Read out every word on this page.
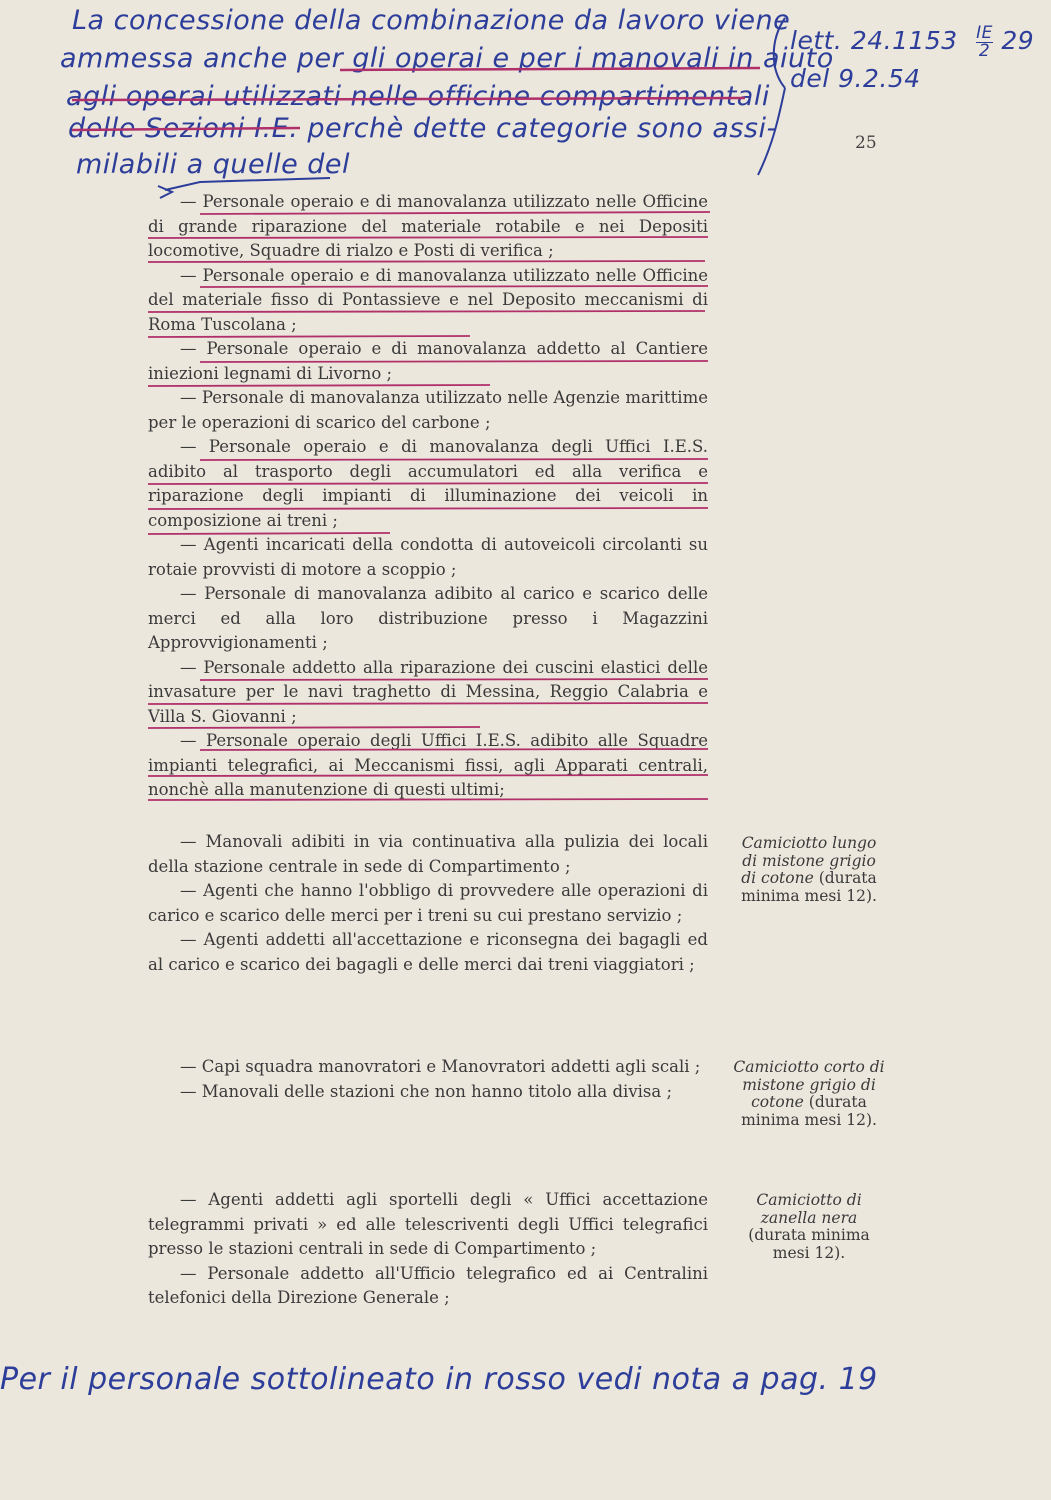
La concessione della combinazione da lavoro viene
ammessa anche per gli operai e per i manovali in aiuto
agli operai utilizzati nelle officine compartimentali
delle Sezioni I.E. perchè dette categorie sono assi-
milabili a quelle del
lett. $24.1153 \frac{IE}{2} 29$
del 9.2.54
25

— Personale operaio e di manovalanza utilizzato nelle Officine di grande riparazione del materiale rotabile e nei Depositi locomotive, Squadre di rialzo e Posti di verifica ;

— Personale operaio e di manovalanza utilizzato nelle Officine del materiale fisso di Pontassieve e nel Deposito meccanismi di Roma Tuscolana ;

— Personale operaio e di manovalanza addetto al Cantiere iniezioni legnami di Livorno ;

— Personale di manovalanza utilizzato nelle Agenzie marittime per le operazioni di scarico del carbone ;

— Personale operaio e di manovalanza degli Uffici I.E.S. adibito al trasporto degli accumulatori ed alla verifica e riparazione degli impianti di illuminazione dei veicoli in composizione ai treni ;

— Agenti incaricati della condotta di autoveicoli circolanti su rotaie provvisti di motore a scoppio ;

— Personale di manovalanza adibito al carico e scarico delle merci ed alla loro distribuzione presso i Magazzini Approvvigionamenti ;

— Personale addetto alla riparazione dei cuscini elastici delle invasature per le navi traghetto di Messina, Reggio Calabria e Villa S. Giovanni ;

— Personale operaio degli Uffici I.E.S. adibito alle Squadre impianti telegrafici, ai Meccanismi fissi, agli Apparati centrali, nonchè alla manutenzione di questi ultimi;

— Manovali adibiti in via continuativa alla pulizia dei locali della stazione centrale in sede di Compartimento ;

— Agenti che hanno l'obbligo di provvedere alle operazioni di carico e scarico delle merci per i treni su cui prestano servizio ;

— Agenti addetti all'accettazione e riconsegna dei bagagli ed al carico e scarico dei bagagli e delle merci dai treni viaggiatori ;

Camiciotto lungo di mistone grigio di cotone (durata minima mesi 12).

— Capi squadra manovratori e Manovratori addetti agli scali ;

— Manovali delle stazioni che non hanno titolo alla divisa ;

Camiciotto corto di mistone grigio di cotone (durata minima mesi 12).

— Agenti addetti agli sportelli degli « Uffici accettazione telegrammi privati » ed alle telescriventi degli Uffici telegrafici presso le stazioni centrali in sede di Compartimento ;

— Personale addetto all'Ufficio telegrafico ed ai Centralini telefonici della Direzione Generale ;

Camiciotto di zanella nera (durata minima mesi 12).
Per il personale sottolineato in rosso vedi nota a pag. 19
